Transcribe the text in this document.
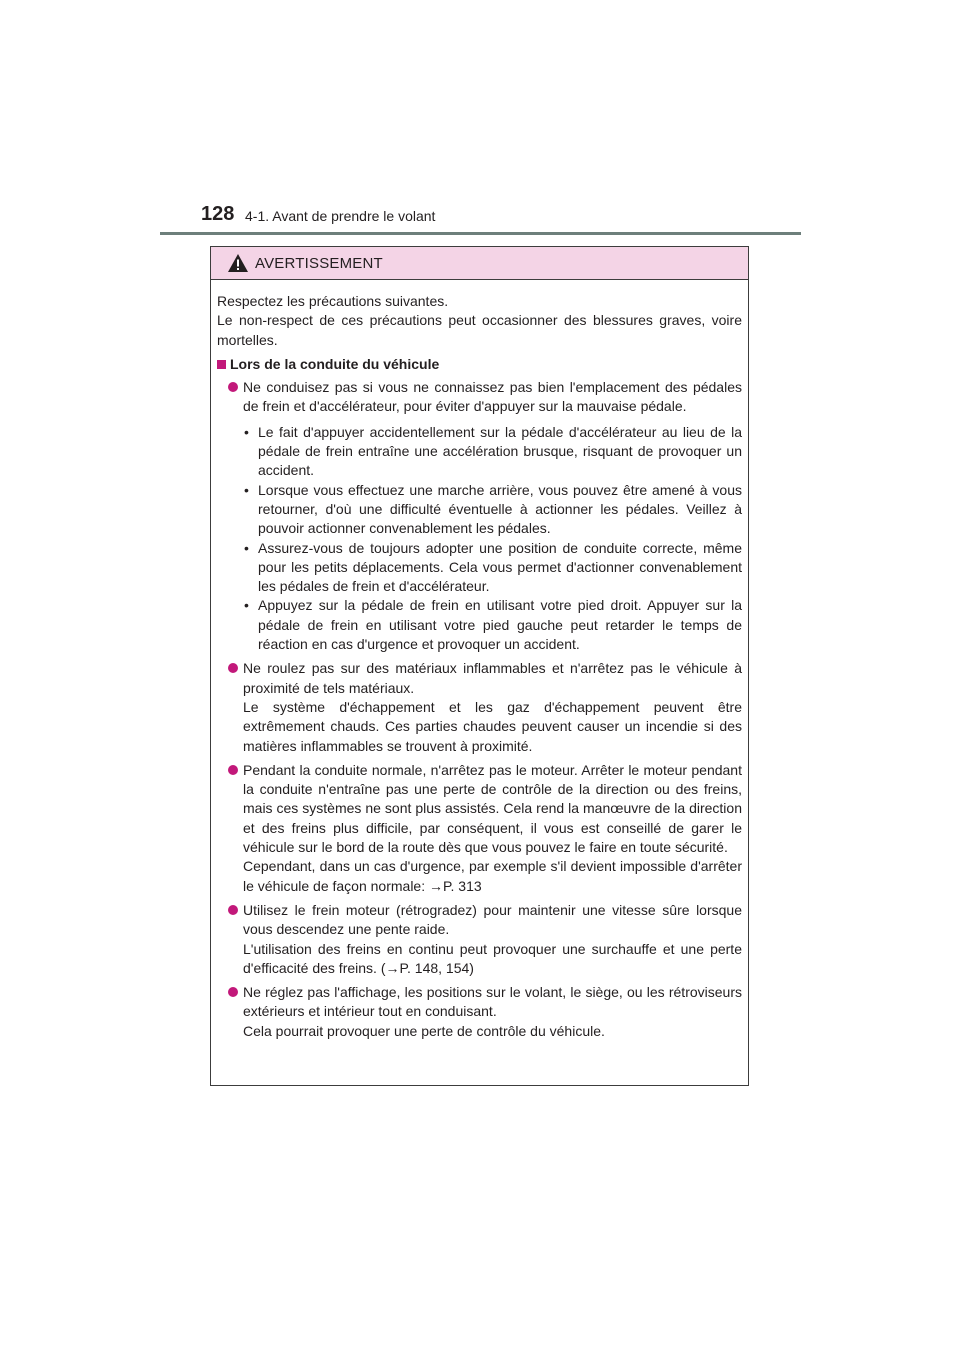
128 4-1. Avant de prendre le volant
AVERTISSEMENT

Respectez les précautions suivantes.

Le non-respect de ces précautions peut occasionner des blessures graves, voire mortelles.

Lors de la conduite du véhicule

Ne conduisez pas si vous ne connaissez pas bien l'emplacement des pédales de frein et d'accélérateur, pour éviter d'appuyer sur la mauvaise pédale.

• Le fait d'appuyer accidentellement sur la pédale d'accélérateur au lieu de la pédale de frein entraîne une accélération brusque, risquant de provoquer un accident.
• Lorsque vous effectuez une marche arrière, vous pouvez être amené à vous retourner, d'où une difficulté éventuelle à actionner les pédales. Veillez à pouvoir actionner convenablement les pédales.
• Assurez-vous de toujours adopter une position de conduite correcte, même pour les petits déplacements. Cela vous permet d'actionner convenablement les pédales de frein et d'accélérateur.
• Appuyez sur la pédale de frein en utilisant votre pied droit. Appuyer sur la pédale de frein en utilisant votre pied gauche peut retarder le temps de réaction en cas d'urgence et provoquer un accident.

Ne roulez pas sur des matériaux inflammables et n'arrêtez pas le véhicule à proximité de tels matériaux.

Le système d'échappement et les gaz d'échappement peuvent être extrêmement chauds. Ces parties chaudes peuvent causer un incendie si des matières inflammables se trouvent à proximité.

Pendant la conduite normale, n'arrêtez pas le moteur. Arrêter le moteur pendant la conduite n'entraîne pas une perte de contrôle de la direction ou des freins, mais ces systèmes ne sont plus assistés. Cela rend la manœuvre de la direction et des freins plus difficile, par conséquent, il vous est conseillé de garer le véhicule sur le bord de la route dès que vous pouvez le faire en toute sécurité.

Cependant, dans un cas d'urgence, par exemple s'il devient impossible d'arrêter le véhicule de façon normale: →P. 313

Utilisez le frein moteur (rétrogradez) pour maintenir une vitesse sûre lorsque vous descendez une pente raide.

L'utilisation des freins en continu peut provoquer une surchauffe et une perte d'efficacité des freins. (→P. 148, 154)

Ne réglez pas l'affichage, les positions sur le volant, le siège, ou les rétroviseurs extérieurs et intérieur tout en conduisant.

Cela pourrait provoquer une perte de contrôle du véhicule.
